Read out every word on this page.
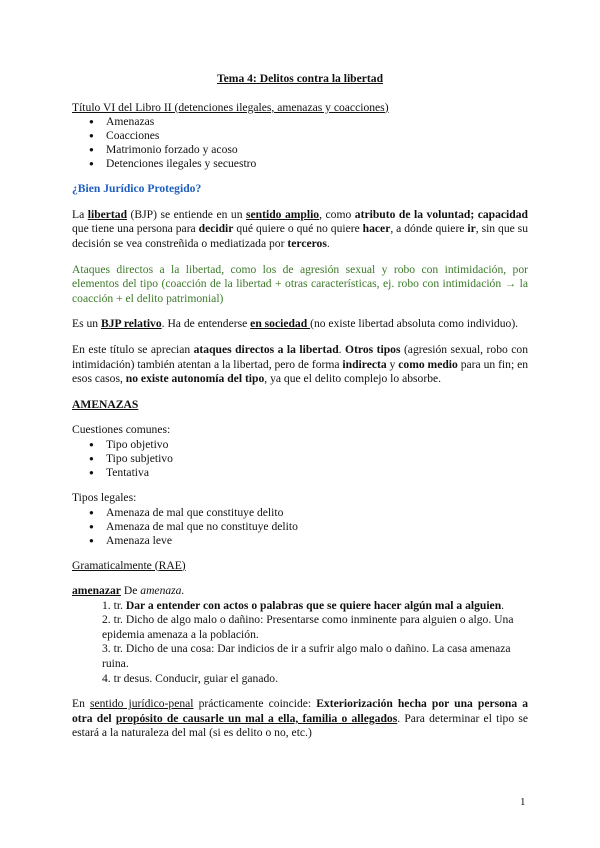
Tema 4: Delitos contra la libertad

Título VI del Libro II (detenciones ilegales, amenazas y coacciones)

● Amenazas
● Coacciones
● Matrimonio forzado y acoso
● Detenciones ilegales y secuestro

¿Bien Jurídico Protegido?

La libertad (BJP) se entiende en un sentido amplio, como atributo de la voluntad; capacidad que tiene una persona para decidir qué quiere o qué no quiere hacer, a dónde quiere ir, sin que su decisión se vea constreñida o mediatizada por terceros.

Ataques directos a la libertad, como los de agresión sexual y robo con intimidación, por elementos del tipo (coacción de la libertad + otras características, ej. robo con intimidación → la coacción + el delito patrimonial)

Es un BJP relativo. Ha de entenderse en sociedad (no existe libertad absoluta como individuo).

En este título se aprecian ataques directos a la libertad. Otros tipos (agresión sexual, robo con intimidación) también atentan a la libertad, pero de forma indirecta y como medio para un fin; en esos casos, no existe autonomía del tipo, ya que el delito complejo lo absorbe.

AMENAZAS

Cuestiones comunes:

● Tipo objetivo
● Tipo subjetivo
● Tentativa

Tipos legales:

● Amenaza de mal que constituye delito
● Amenaza de mal que no constituye delito
● Amenaza leve

Gramaticalmente (RAE)

amenazar De amenaza.

1. tr. Dar a entender con actos o palabras que se quiere hacer algún mal a alguien.

2. tr. Dicho de algo malo o dañino: Presentarse como inminente para alguien o algo. Una epidemia amenaza a la población.

3. tr. Dicho de una cosa: Dar indicios de ir a sufrir algo malo o dañino. La casa amenaza ruina.

4. tr desus. Conducir, guiar el ganado.

En sentido jurídico-penal prácticamente coincide: Exteriorización hecha por una persona a otra del propósito de causarle un mal a ella, familia o allegados. Para determinar el tipo se estará a la naturaleza del mal (si es delito o no, etc.)

1
